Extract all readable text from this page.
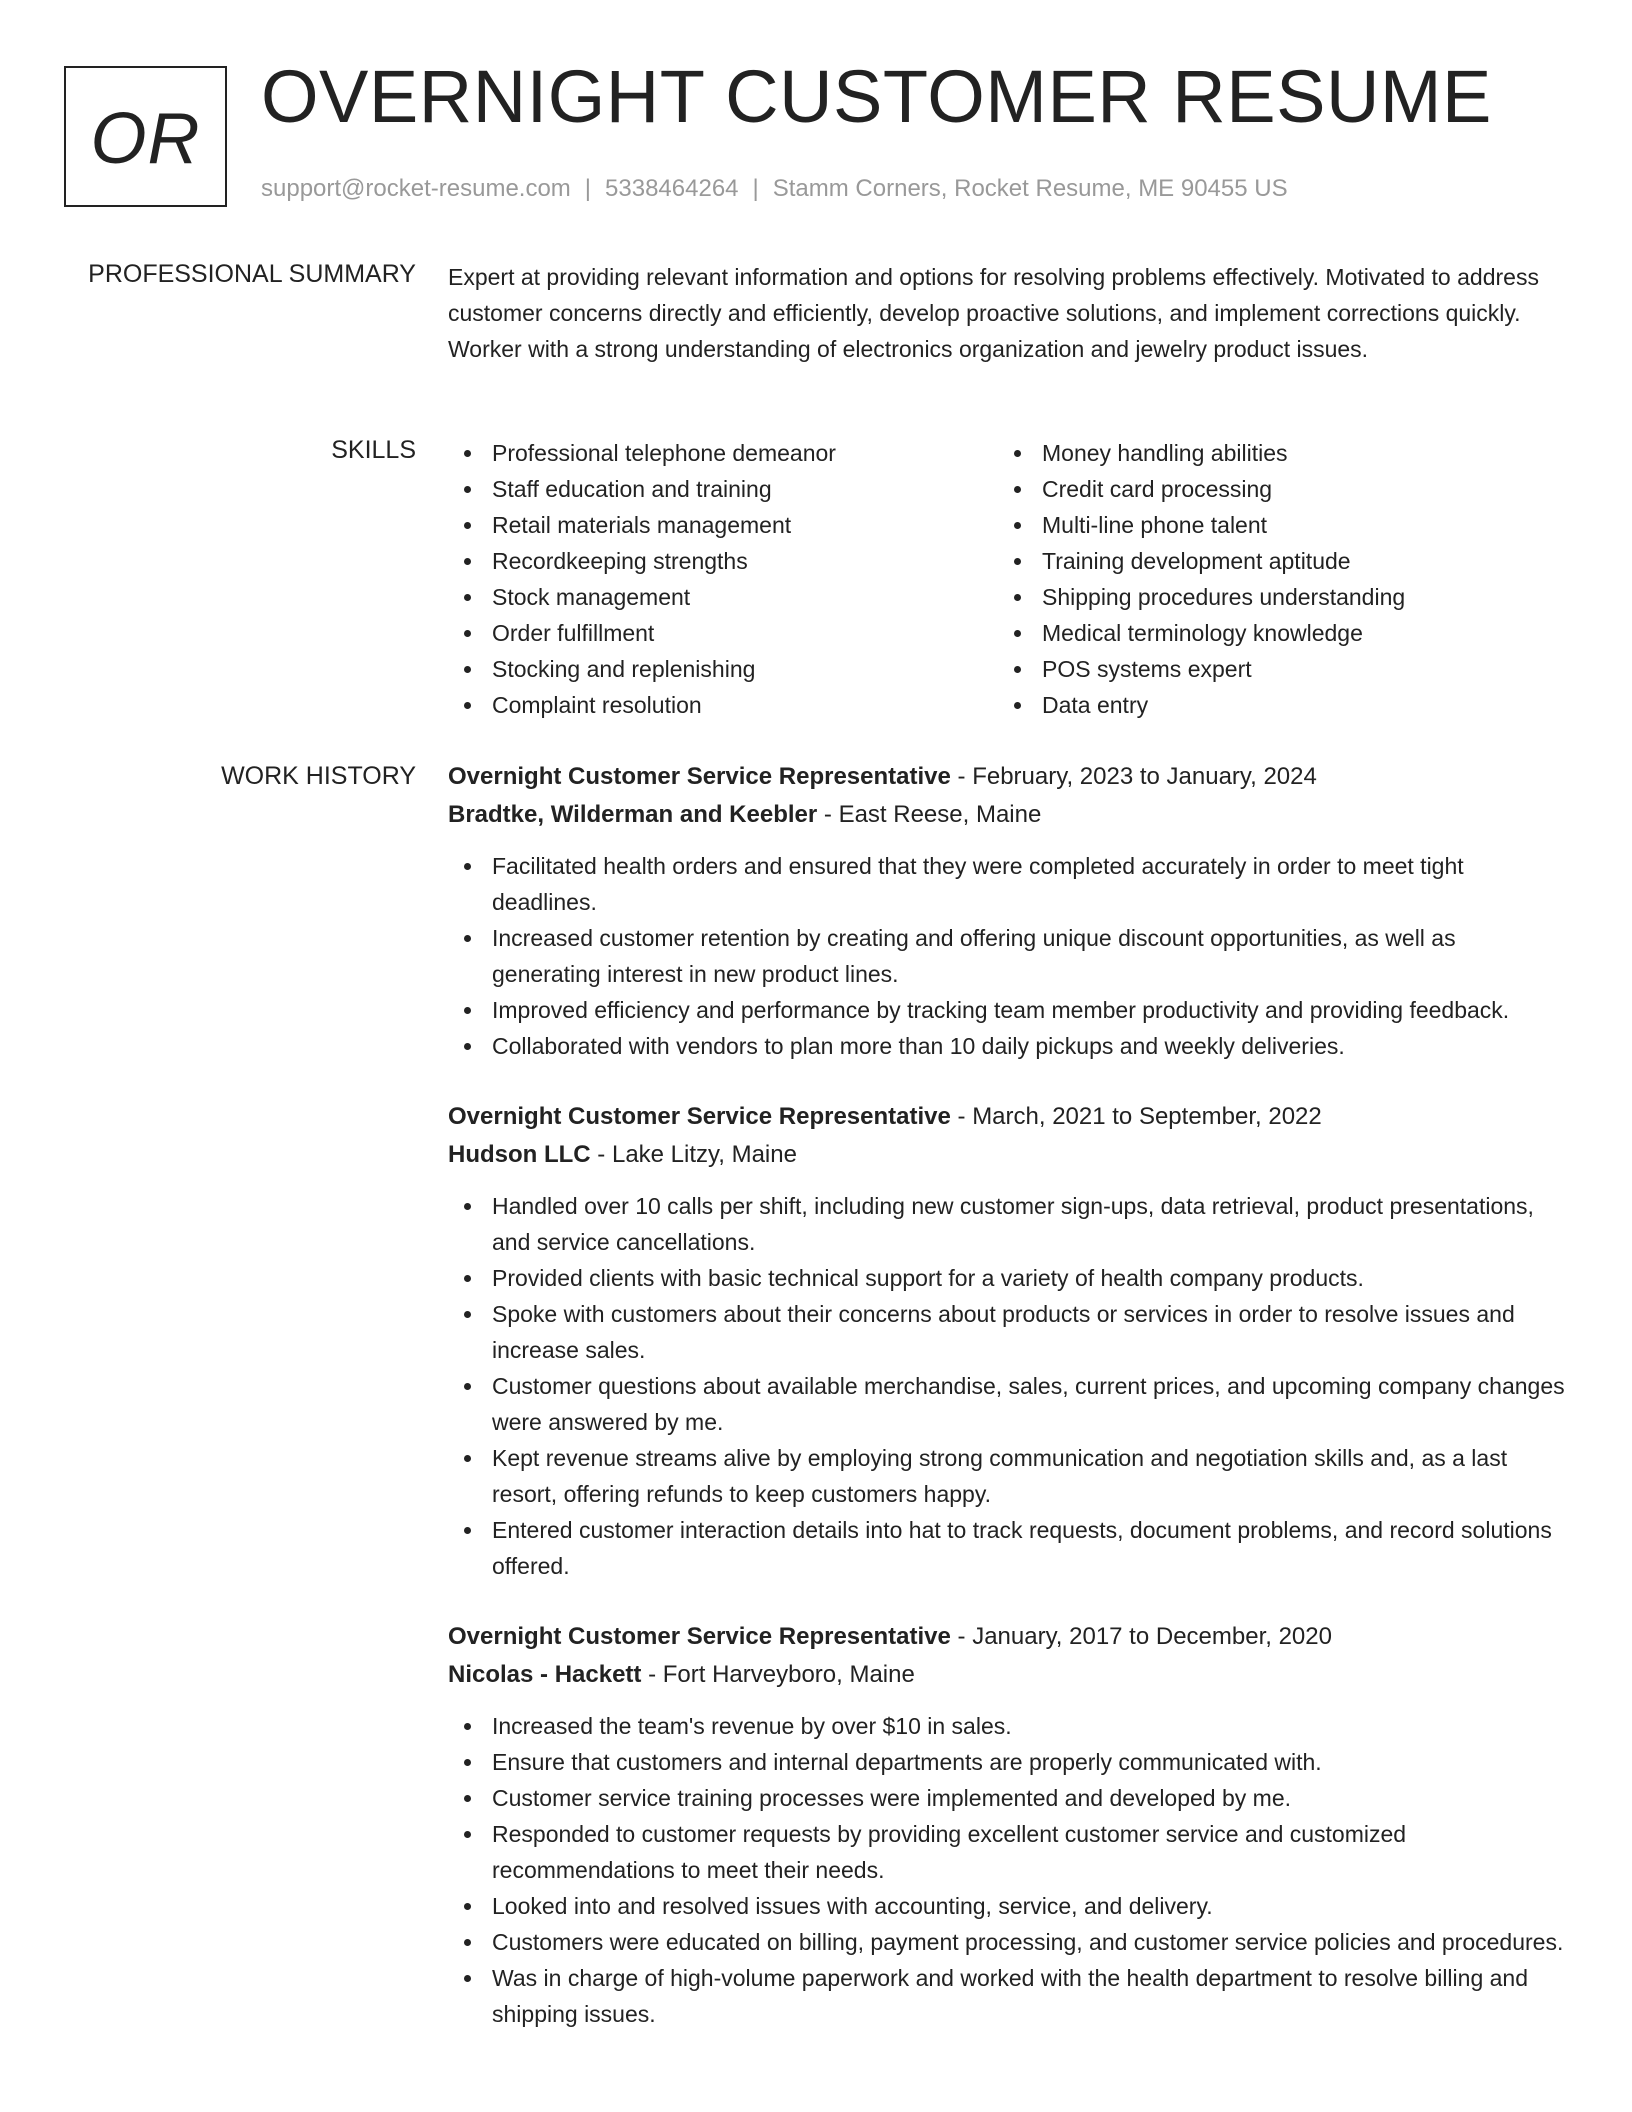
OR
OVERNIGHT CUSTOMER RESUME
support@rocket-resume.com | 5338464264 | Stamm Corners, Rocket Resume, ME 90455 US
PROFESSIONAL SUMMARY Expert at providing relevant information and options for resolving problems effectively. Motivated to address customer concerns directly and efficiently, develop proactive solutions, and implement corrections quickly. Worker with a strong understanding of electronics organization and jewelry product issues.

SKILLS	Professional telephone demeanor
Staff education and training
Retail materials management
Recordkeeping strengths
Stock management
Order fulfillment
Stocking and replenishing
Complaint resolution
Money handling abilities
Credit card processing
Multi-line phone talent
Training development aptitude
Shipping procedures understanding
Medical terminology knowledge
POS systems expert
Data entry
WORK HISTORY Overnight Customer Service Representative - February, 2023 to January, 2024
Bradtke, Wilderman and Keebler - East Reese, Maine
Facilitated health orders and ensured that they were completed accurately in order to meet tight deadlines.
Increased customer retention by creating and offering unique discount opportunities, as well as generating interest in new product lines.
Improved efficiency and performance by tracking team member productivity and providing feedback.
Collaborated with vendors to plan more than 10 daily pickups and weekly deliveries.
Overnight Customer Service Representative - March, 2021 to September, 2022
Hudson LLC - Lake Litzy, Maine
Handled over 10 calls per shift, including new customer sign-ups, data retrieval, product presentations, and service cancellations.
Provided clients with basic technical support for a variety of health company products.
Spoke with customers about their concerns about products or services in order to resolve issues and increase sales.
Customer questions about available merchandise, sales, current prices, and upcoming company changes were answered by me.
Kept revenue streams alive by employing strong communication and negotiation skills and, as a last resort, offering refunds to keep customers happy.
Entered customer interaction details into hat to track requests, document problems, and record solutions offered.
Overnight Customer Service Representative - January, 2017 to December, 2020
Nicolas - Hackett - Fort Harveyboro, Maine
Increased the team's revenue by over $10 in sales.
Ensure that customers and internal departments are properly communicated with.
Customer service training processes were implemented and developed by me.
Responded to customer requests by providing excellent customer service and customized recommendations to meet their needs.
Looked into and resolved issues with accounting, service, and delivery.
Customers were educated on billing, payment processing, and customer service policies and procedures.
Was in charge of high-volume paperwork and worked with the health department to resolve billing and shipping issues.
